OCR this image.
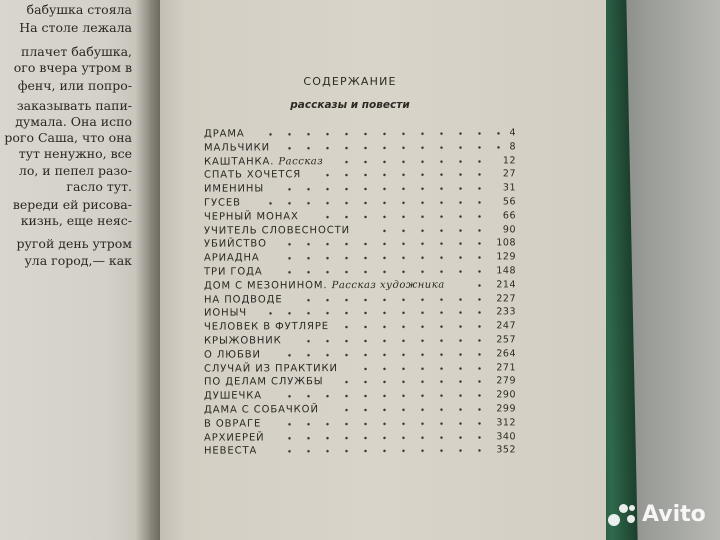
бабушка стояла
На столе лежала
плачет бабушка,
ого вчера утром в
фенч, или попро-
заказывать папи-
думала. Она испо
рого Саша, что она
тут ненужно, все
ло, и пепел разо-
гасло тут.
вереди ей рисова-
кизнь, еще неяс-
ругой день утром
ула город,— как
СОДЕРЖАНИЕ
рассказы и повести
ДРАМА	4
МАЛЬЧИКИ	8
КАШТАНКА. Рассказ	12
СПАТЬ ХОЧЕТСЯ	27
ИМЕНИНЫ	31
ГУСЕВ	56
ЧЕРНЫЙ МОНАХ	66
УЧИТЕЛЬ СЛОВЕСНОСТИ	90
УБИЙСТВО	108
АРИАДНА	129
ТРИ ГОДА	148
ДОМ С МЕЗОНИНОМ. Рассказ художника	214
НА ПОДВОДЕ	227
ИОНЫЧ	233
ЧЕЛОВЕК В ФУТЛЯРЕ	247
КРЫЖОВНИК	257
О ЛЮБВИ	264
СЛУЧАЙ ИЗ ПРАКТИКИ	271
ПО ДЕЛАМ СЛУЖБЫ	279
ДУШЕЧКА	290
ДАМА С СОБАЧКОЙ	299
В ОВРАГЕ	312
АРХИЕРЕЙ	340
НЕВЕСТА	352
Avito
